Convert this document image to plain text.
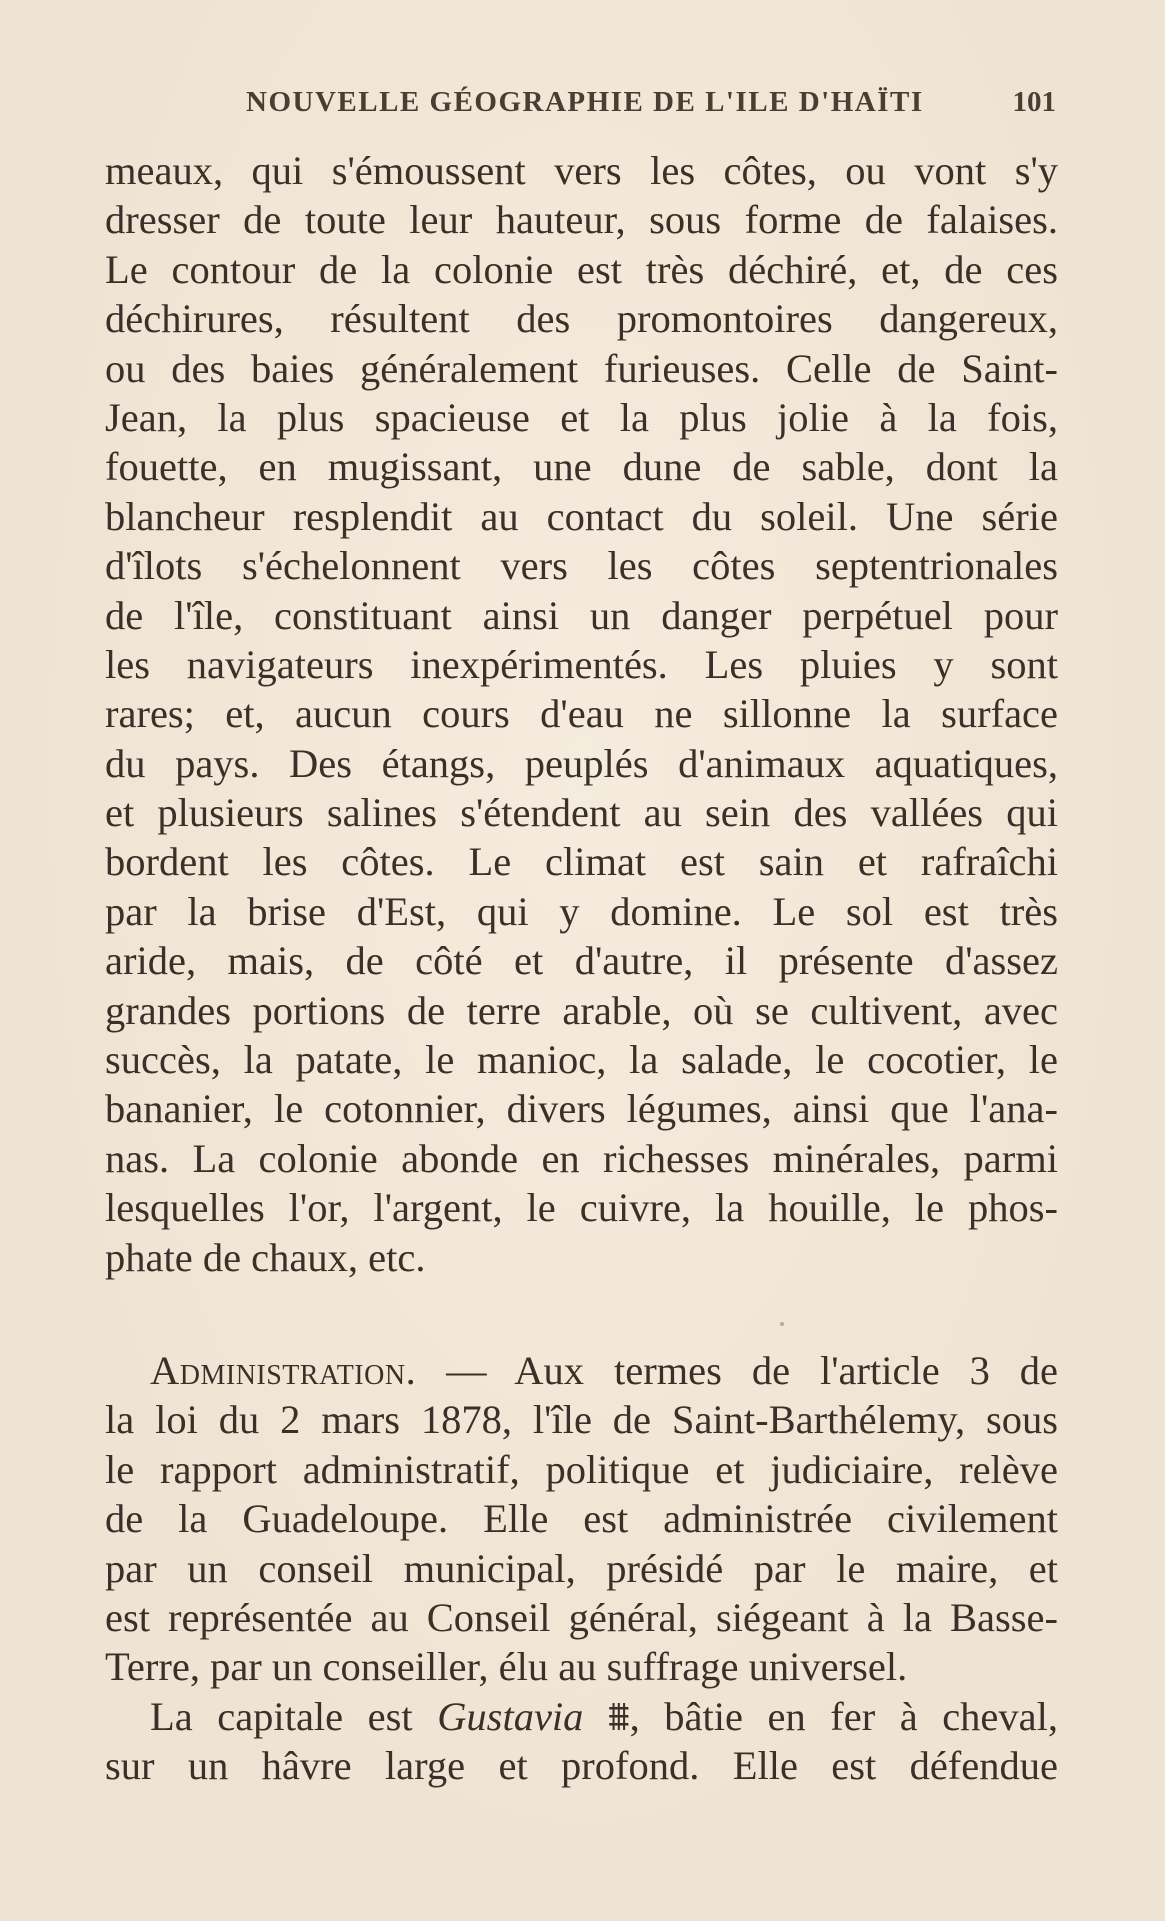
NOUVELLE GÉOGRAPHIE DE L'ILE D'HAÏTI	101
meaux, qui s'émoussent vers les côtes, ou vont s'y
dresser de toute leur hauteur, sous forme de falaises.
Le contour de la colonie est très déchiré, et, de ces
déchirures, résultent des promontoires dangereux,
ou des baies généralement furieuses. Celle de Saint-
Jean, la plus spacieuse et la plus jolie à la fois,
fouette, en mugissant, une dune de sable, dont la
blancheur resplendit au contact du soleil. Une série
d'îlots s'échelonnent vers les côtes septentrionales
de l'île, constituant ainsi un danger perpétuel pour
les navigateurs inexpérimentés. Les pluies y sont
rares; et, aucun cours d'eau ne sillonne la surface
du pays. Des étangs, peuplés d'animaux aquatiques,
et plusieurs salines s'étendent au sein des vallées qui
bordent les côtes. Le climat est sain et rafraîchi
par la brise d'Est, qui y domine. Le sol est très
aride, mais, de côté et d'autre, il présente d'assez
grandes portions de terre arable, où se cultivent, avec
succès, la patate, le manioc, la salade, le cocotier, le
bananier, le cotonnier, divers légumes, ainsi que l'ana-
nas. La colonie abonde en richesses minérales, parmi
lesquelles l'or, l'argent, le cuivre, la houille, le phos-
phate de chaux, etc.
Administration. — Aux termes de l'article 3 de
la loi du 2 mars 1878, l'île de Saint-Barthélemy, sous
le rapport administratif, politique et judiciaire, relève
de la Guadeloupe. Elle est administrée civilement
par un conseil municipal, présidé par le maire, et
est représentée au Conseil général, siégeant à la Basse-
Terre, par un conseiller, élu au suffrage universel.
La capitale est Gustavia ⩩, bâtie en fer à cheval,
sur un hâvre large et profond. Elle est défendue
